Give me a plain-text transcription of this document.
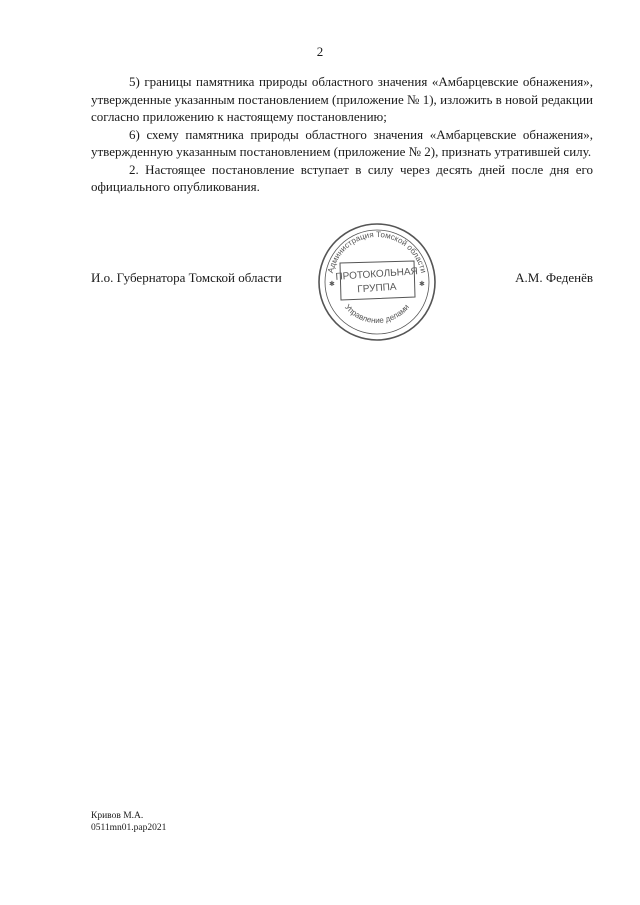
2

5) границы памятника природы областного значения «Амбарцевские обнажения», утвержденные указанным постановлением (приложение № 1), изложить в новой редакции согласно приложению к настоящему постановлению;

6) схему памятника природы областного значения «Амбарцевские обнажения», утвержденную указанным постановлением (приложение № 2), признать утратившей силу.

2. Настоящее постановление вступает в силу через десять дней после дня его официального опубликования.

И.о. Губернатора Томской области	А.М. Феденёв
Администрация Томской области
Управление делами
✱	✱
ПРОТОКОЛЬНАЯ
ГРУППА
Кривов М.А.
0511mn01.pap2021
